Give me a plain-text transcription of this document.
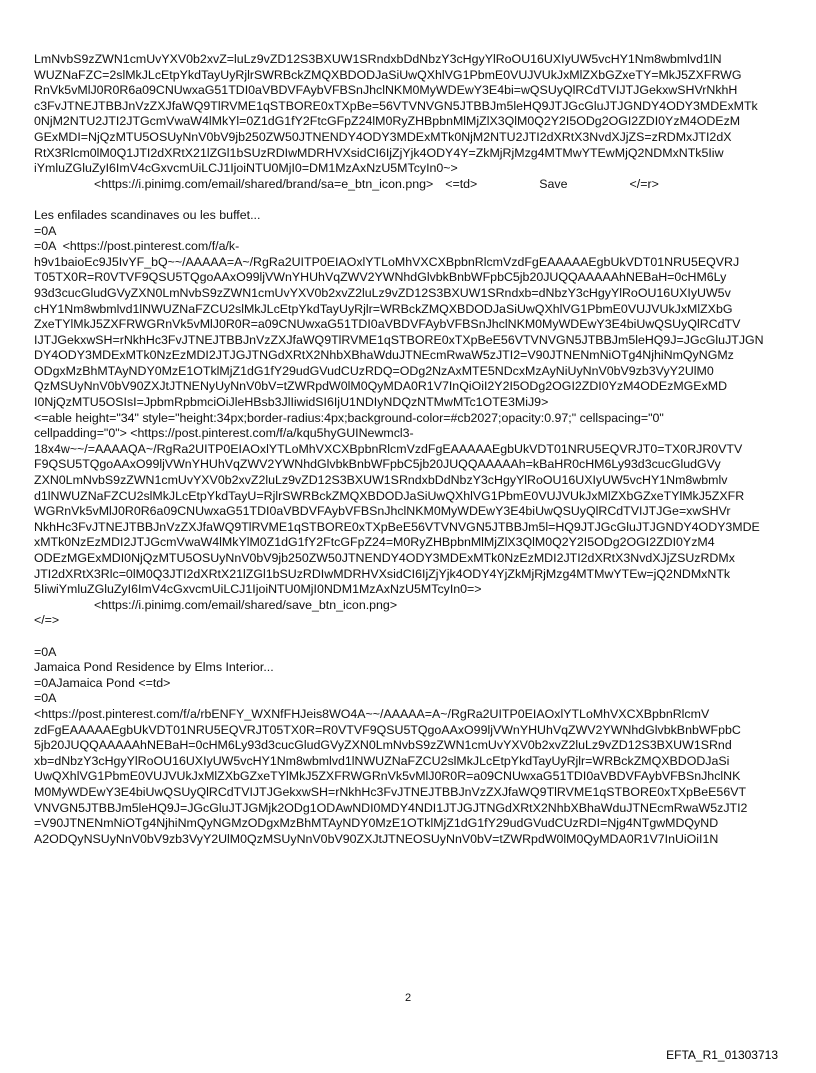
LmNvbS9zZWN1cmUvYXV0b2xvZ=luLz9vZD12S3BXUW1SRndxbDdNbzY3cHgyYlRoOU16UXIyUW5vcHY1Nm8wbmlvd1lN
WUZNaFZC=2slMkJLcEtpYkdTayUyRjlrSWRBckZMQXBDODJaSiUwQXhlVG1PbmE0VUJVUkJxMlZXbGZxeTY=MkJ5ZXFRWG
RnVk5vMlJ0R0R6a09CNUwxaG51TDI0aVBDVFAybVFBSnJhclNKM0MyWDEwY3E4bi=wQSUyQlRCdTVIJTJGekxwSHVrNkhH
c3FvJTNEJTBBJnVzZXJfaWQ9TlRVME1qSTBORE0xTXpBe=56VTVNVGN5JTBBJm5leHQ9JTJGcGluJTJGNDY4ODY3MDExMTk
0NjM2NTU2JTI2JTGcmVwaW4lMkYl=0Z1dG1fY2FtcGFpZ24lM0RyZHBpbnMlMjZlX3QlM0Q2Y2I5ODg2OGI2ZDI0YzM4ODEzM
GExMDI=NjQzMTU5OSUyNnV0bV9jb250ZW50JTNENDY4ODY3MDExMTk0NjM2NTU2JTI2dXRtX3NvdXJjZS=zRDMxJTI2dX
RtX3Rlcm0lM0Q1JTI2dXRtX21lZGl1bSUzRDIwMDRHVXsidCI6IjZjYjk4ODY4Y=ZkMjRjMzg4MTMwYTEwMjQ2NDMxNTk5Iiw
iYmluZGluZyI6ImV4cGxvcmUiLCJ1IjoiNTU0MjI0=DM1MzAxNzU5MTcyIn0~>
<https://i.pinimg.com/email/shared/brand/sa=e_btn_icon.png> <=td>	Save	</=r>
Les enfilades scandinaves ou les buffet...
=0A
=0A  <https://post.pinterest.com/f/a/k-
h9v1baioEc9J5IvYF_bQ~~/AAAAA=A~/RgRa2UITP0EIAOxlYTLoMhVXCXBpbnRlcmVzdFgEAAAAAEgbUkVDT01NRU5EQVRJ
T05TX0R=R0VTVF9QSU5TQgoAAxO99ljVWnYHUhVqZWV2YWNhdGlvbkBnbWFpbC5jb20JUQQAAAAAhNEBaH=0cHM6Ly
93d3cucGludGVyZXN0LmNvbS9zZWN1cmUvYXV0b2xvZ2luLz9vZD12S3BXUW1SRndxb=dNbzY3cHgyYlRoOU16UXIyUW5v
cHY1Nm8wbmlvd1lNWUZNaFZCU2slMkJLcEtpYkdTayUyRjlr=WRBckZMQXBDODJaSiUwQXhlVG1PbmE0VUJVUkJxMlZXbG
ZxeTYlMkJ5ZXFRWGRnVk5vMlJ0R0R=a09CNUwxaG51TDI0aVBDVFAybVFBSnJhclNKM0MyWDEwY3E4biUwQSUyQlRCdTV
IJTJGekxwSH=rNkhHc3FvJTNEJTBBJnVzZXJfaWQ9TlRVME1qSTBORE0xTXpBeE56VTVNVGN5JTBBJm5leHQ9J=JGcGluJTJGN
DY4ODY3MDExMTk0NzEzMDI2JTJGJTNGdXRtX2NhbXBhaWduJTNEcmRwaW5zJTI2=V90JTNENmNiOTg4NjhiNmQyNGMz
ODgxMzBhMTAyNDY0MzE1OTklMjZ1dG1fY29udGVudCUzRDQ=ODg2NzAxMTE5NDcxMzAyNiUyNnV0bV9zb3VyY2UlM0
QzMSUyNnV0bV90ZXJtJTNENyUyNnV0bV=tZWRpdW0lM0QyMDA0R1V7InQiOiI2Y2I5ODg2OGI2ZDI0YzM4ODEzMGExMD
I0NjQzMTU5OSIsI=JpbmRpbmciOiJleHBsb3JlIiwidSI6IjU1NDIyNDQzNTMwMTc1OTE3MiJ9>
<=able height="34" style="height:34px;border-radius:4px;background-color=#cb2027;opacity:0.97;" cellspacing="0"
cellpadding="0"> <https://post.pinterest.com/f/a/kqu5hyGUINewmcl3-
18x4w~~/=AAAAQA~/RgRa2UITP0EIAOxlYTLoMhVXCXBpbnRlcmVzdFgEAAAAAEgbUkVDT01NRU5EQVRJT0=TX0RJR0VTV
F9QSU5TQgoAAxO99ljVWnYHUhVqZWV2YWNhdGlvbkBnbWFpbC5jb20JUQQAAAAAh=kBaHR0cHM6Ly93d3cucGludGVy
ZXN0LmNvbS9zZWN1cmUvYXV0b2xvZ2luLz9vZD12S3BXUW1SRndxbDdNbzY3cHgyYlRoOU16UXIyUW5vcHY1Nm8wbmlv
d1lNWUZNaFZCU2slMkJLcEtpYkdTayU=RjlrSWRBckZMQXBDODJaSiUwQXhlVG1PbmE0VUJVUkJxMlZXbGZxeTYlMkJ5ZXFR
WGRnVk5vMlJ0R0R6a09CNUwxaG51TDI0aVBDVFAybVFBSnJhclNKM0MyWDEwY3E4biUwQSUyQlRCdTVIJTJGe=xwSHVr
NkhHc3FvJTNEJTBBJnVzZXJfaWQ9TlRVME1qSTBORE0xTXpBeE56VTVNVGN5JTBBJm5l=HQ9JTJGcGluJTJGNDY4ODY3MDE
xMTk0NzEzMDI2JTJGcmVwaW4lMkYlM0Z1dG1fY2FtcGFpZ24=M0RyZHBpbnMlMjZlX3QlM0Q2Y2I5ODg2OGI2ZDI0YzM4
ODEzMGExMDI0NjQzMTU5OSUyNnV0bV9jb250ZW50JTNENDY4ODY3MDExMTk0NzEzMDI2JTI2dXRtX3NvdXJjZSUzRDMx
JTI2dXRtX3Rlc=0lM0Q3JTI2dXRtX21lZGl1bSUzRDIwMDRHVXsidCI6IjZjYjk4ODY4YjZkMjRjMzg4MTMwYTEw=jQ2NDMxNTk
5IiwiYmluZGluZyI6ImV4cGxvcmUiLCJ1IjoiNTU0MjI0NDM1MzAxNzU5MTcyIn0=>
<https://i.pinimg.com/email/shared/save_btn_icon.png>
</=>
=0A
Jamaica Pond Residence by Elms Interior...
=0AJamaica Pond <=td>
=0A
<https://post.pinterest.com/f/a/rbENFY_WXNfFHJeis8WO4A~~/AAAAA=A~/RgRa2UITP0EIAOxlYTLoMhVXCXBpbnRlcmV
zdFgEAAAAAEgbUkVDT01NRU5EQVRJT05TX0R=R0VTVF9QSU5TQgoAAxO99ljVWnYHUhVqZWV2YWNhdGlvbkBnbWFpbC
5jb20JUQQAAAAAhNEBaH=0cHM6Ly93d3cucGludGVyZXN0LmNvbS9zZWN1cmUvYXV0b2xvZ2luLz9vZD12S3BXUW1SRnd
xb=dNbzY3cHgyYlRoOU16UXIyUW5vcHY1Nm8wbmlvd1lNWUZNaFZCU2slMkJLcEtpYkdTayUyRjlr=WRBckZMQXBDODJaSi
UwQXhlVG1PbmE0VUJVUkJxMlZXbGZxeTYlMkJ5ZXFRWGRnVk5vMlJ0R0R=a09CNUwxaG51TDI0aVBDVFAybVFBSnJhclNK
M0MyWDEwY3E4biUwQSUyQlRCdTVIJTJGekxwSH=rNkhHc3FvJTNEJTBBJnVzZXJfaWQ9TlRVME1qSTBORE0xTXpBeE56VT
VNVGN5JTBBJm5leHQ9J=JGcGluJTJGMjk2ODg1ODAwNDI0MDY4NDI1JTJGJTNGdXRtX2NhbXBhaWduJTNEcmRwaW5zJTI2
=V90JTNENmNiOTg4NjhiNmQyNGMzODgxMzBhMTAyNDY0MzE1OTklMjZ1dG1fY29udGVudCUzRDI=Njg4NTgwMDQyND
A2ODQyNSUyNnV0bV9zb3VyY2UlM0QzMSUyNnV0bV90ZXJtJTNEOSUyNnV0bV=tZWRpdW0lM0QyMDA0R1V7InUiOiI1N
2
EFTA_R1_01303713
